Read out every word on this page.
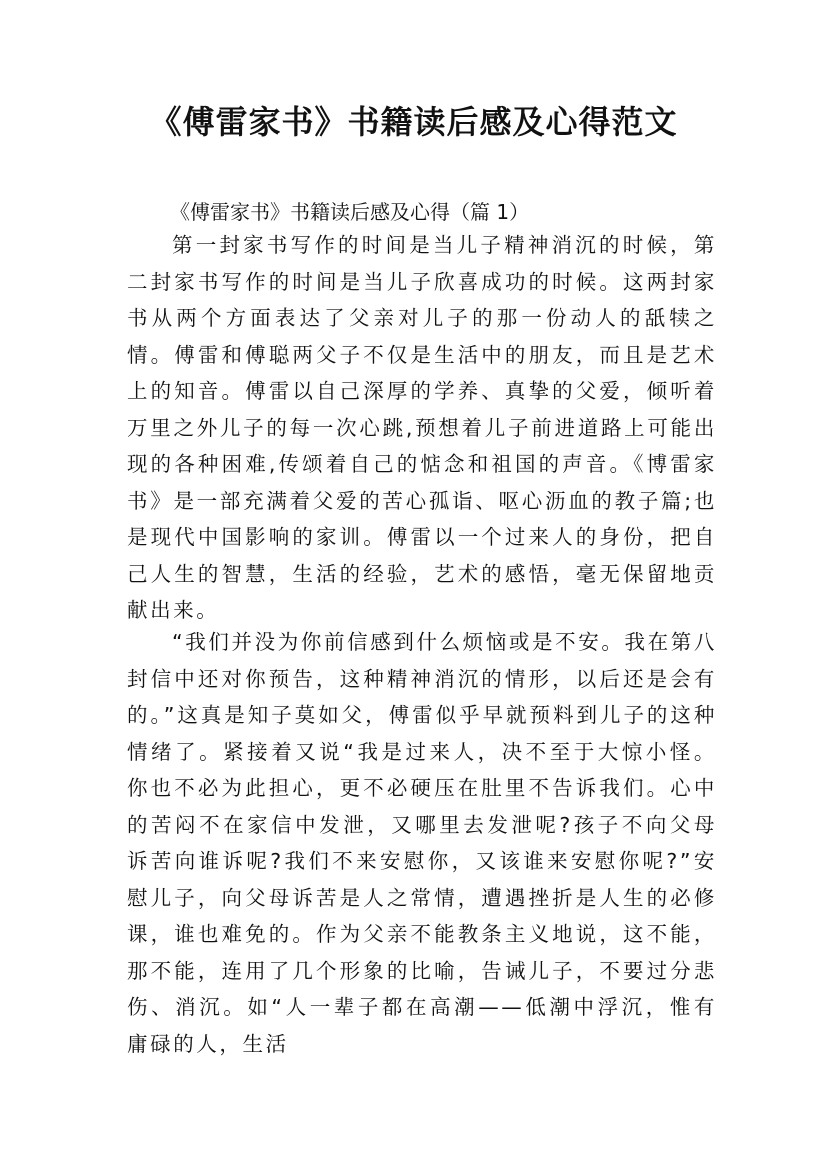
《傅雷家书》书籍读后感及心得范文

《傅雷家书》书籍读后感及心得（篇 1）

第一封家书写作的时间是当儿子精神消沉的时候，第二封家书写作的时间是当儿子欣喜成功的时候。这两封家书从两个方面表达了父亲对儿子的那一份动人的舐犊之情。傅雷和傅聪两父子不仅是生活中的朋友，而且是艺术上的知音。傅雷以自己深厚的学养、真挚的父爱，倾听着万里之外儿子的每一次心跳,预想着儿子前进道路上可能出现的各种困难,传颂着自己的惦念和祖国的声音。《博雷家书》是一部充满着父爱的苦心孤诣、呕心沥血的教子篇;也是现代中国影响的家训。傅雷以一个过来人的身份，把自己人生的智慧，生活的经验，艺术的感悟，毫无保留地贡献出来。

“我们并没为你前信感到什么烦恼或是不安。我在第八封信中还对你预告，这种精神消沉的情形，以后还是会有的。”这真是知子莫如父，傅雷似乎早就预料到儿子的这种情绪了。紧接着又说“我是过来人，决不至于大惊小怪。你也不必为此担心，更不必硬压在肚里不告诉我们。心中的苦闷不在家信中发泄，又哪里去发泄呢?孩子不向父母诉苦向谁诉呢?我们不来安慰你，又该谁来安慰你呢?”安慰儿子，向父母诉苦是人之常情，遭遇挫折是人生的必修课，谁也难免的。作为父亲不能教条主义地说，这不能，那不能，连用了几个形象的比喻，告诫儿子，不要过分悲伤、消沉。如“人一辈子都在高潮——低潮中浮沉，惟有庸碌的人，生活
